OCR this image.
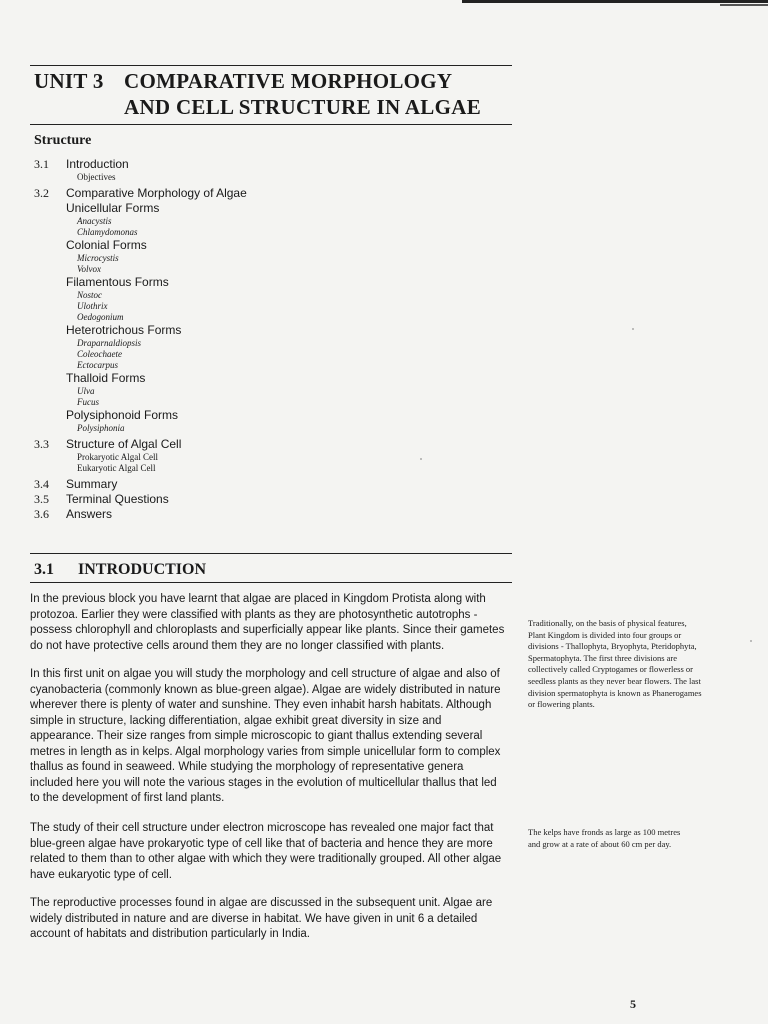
UNIT 3 COMPARATIVE MORPHOLOGY
AND CELL STRUCTURE IN ALGAE
Structure
3.1	Introduction
Objectives
3.2	Comparative Morphology of Algae
Unicellular Forms
Anacystis
Chlamydomonas
Colonial Forms
Microcystis
Volvox
Filamentous Forms
Nostoc
Ulothrix
Oedogonium
Heterotrichous Forms
Draparnaldiopsis
Coleochaete
Ectocarpus
Thalloid Forms
Ulva
Fucus
Polysiphonoid Forms
Polysiphonia
3.3	Structure of Algal Cell
Prokaryotic Algal Cell
Eukaryotic Algal Cell
3.4	Summary
3.5	Terminal Questions
3.6	Answers
3.1 INTRODUCTION

In the previous block you have learnt that algae are placed in Kingdom Protista along with protozoa. Earlier they were classified with plants as they are photosynthetic autotrophs - possess chlorophyll and chloroplasts and superficially appear like plants. Since their gametes do not have protective cells around them they are no longer classified with plants.

In this first unit on algae you will study the morphology and cell structure of algae and also of cyanobacteria (commonly known as blue-green algae). Algae are widely distributed in nature wherever there is plenty of water and sunshine. They even inhabit harsh habitats. Although simple in structure, lacking differentiation, algae exhibit great diversity in size and appearance. Their size ranges from simple microscopic to giant thallus extending several metres in length as in kelps. Algal morphology varies from simple unicellular form to complex thallus as found in seaweed. While studying the morphology of representative genera included here you will note the various stages in the evolution of multicellular thallus that led to the development of first land plants.

The study of their cell structure under electron microscope has revealed one major fact that blue-green algae have prokaryotic type of cell like that of bacteria and hence they are more related to them than to other algae with which they were traditionally grouped. All other algae have eukaryotic type of cell.

The reproductive processes found in algae are discussed in the subsequent unit. Algae are widely distributed in nature and are diverse in habitat. We have given in unit 6 a detailed account of habitats and distribution particularly in India.

Traditionally, on the basis of physical features, Plant Kingdom is divided into four groups or divisions - Thallophyta, Bryophyta, Pteridophyta, Spermatophyta. The first three divisions are collectively called Cryptogames or flowerless or seedless plants as they never bear flowers. The last division spermatophyta is known as Phanerogames or flowering plants.

The kelps have fronds as large as 100 metres and grow at a rate of about 60 cm per day.

5
